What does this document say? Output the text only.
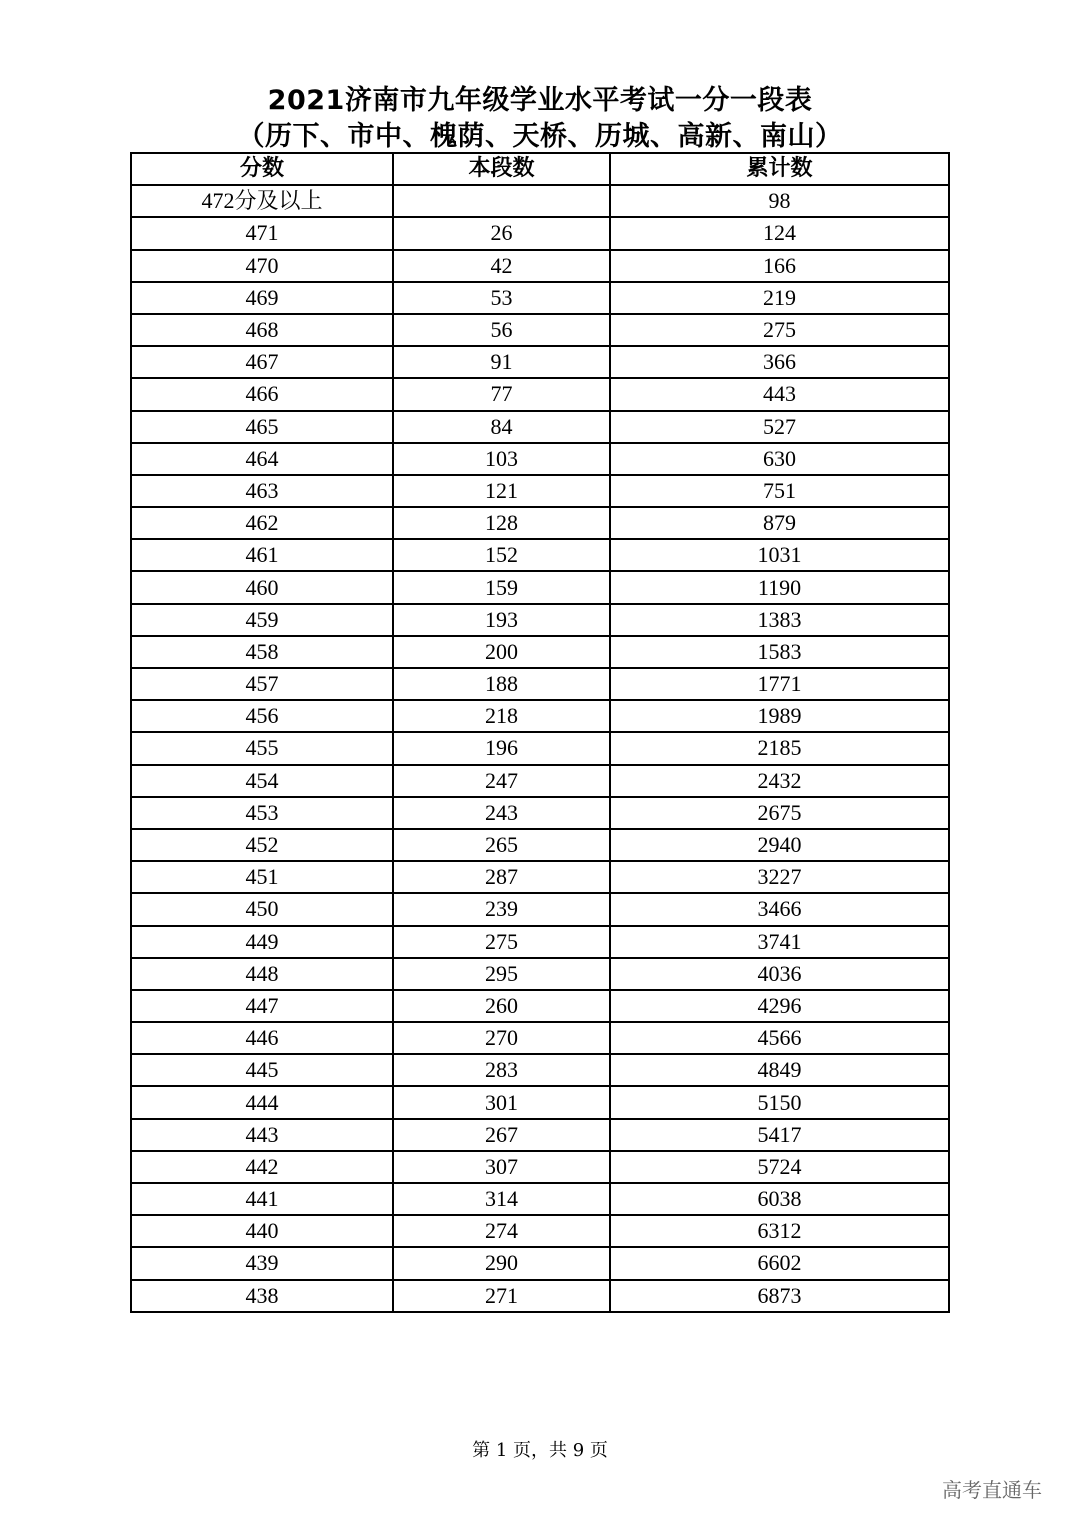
2021济南市九年级学业水平考试一分一段表
（历下、市中、槐荫、天桥、历城、高新、南山）
分数	本段数	累计数
472分及以上		98
471	26	124
470	42	166
469	53	219
468	56	275
467	91	366
466	77	443
465	84	527
464	103	630
463	121	751
462	128	879
461	152	1031
460	159	1190
459	193	1383
458	200	1583
457	188	1771
456	218	1989
455	196	2185
454	247	2432
453	243	2675
452	265	2940
451	287	3227
450	239	3466
449	275	3741
448	295	4036
447	260	4296
446	270	4566
445	283	4849
444	301	5150
443	267	5417
442	307	5724
441	314	6038
440	274	6312
439	290	6602
438	271	6873
第 1 页，共 9 页
高考直通车
